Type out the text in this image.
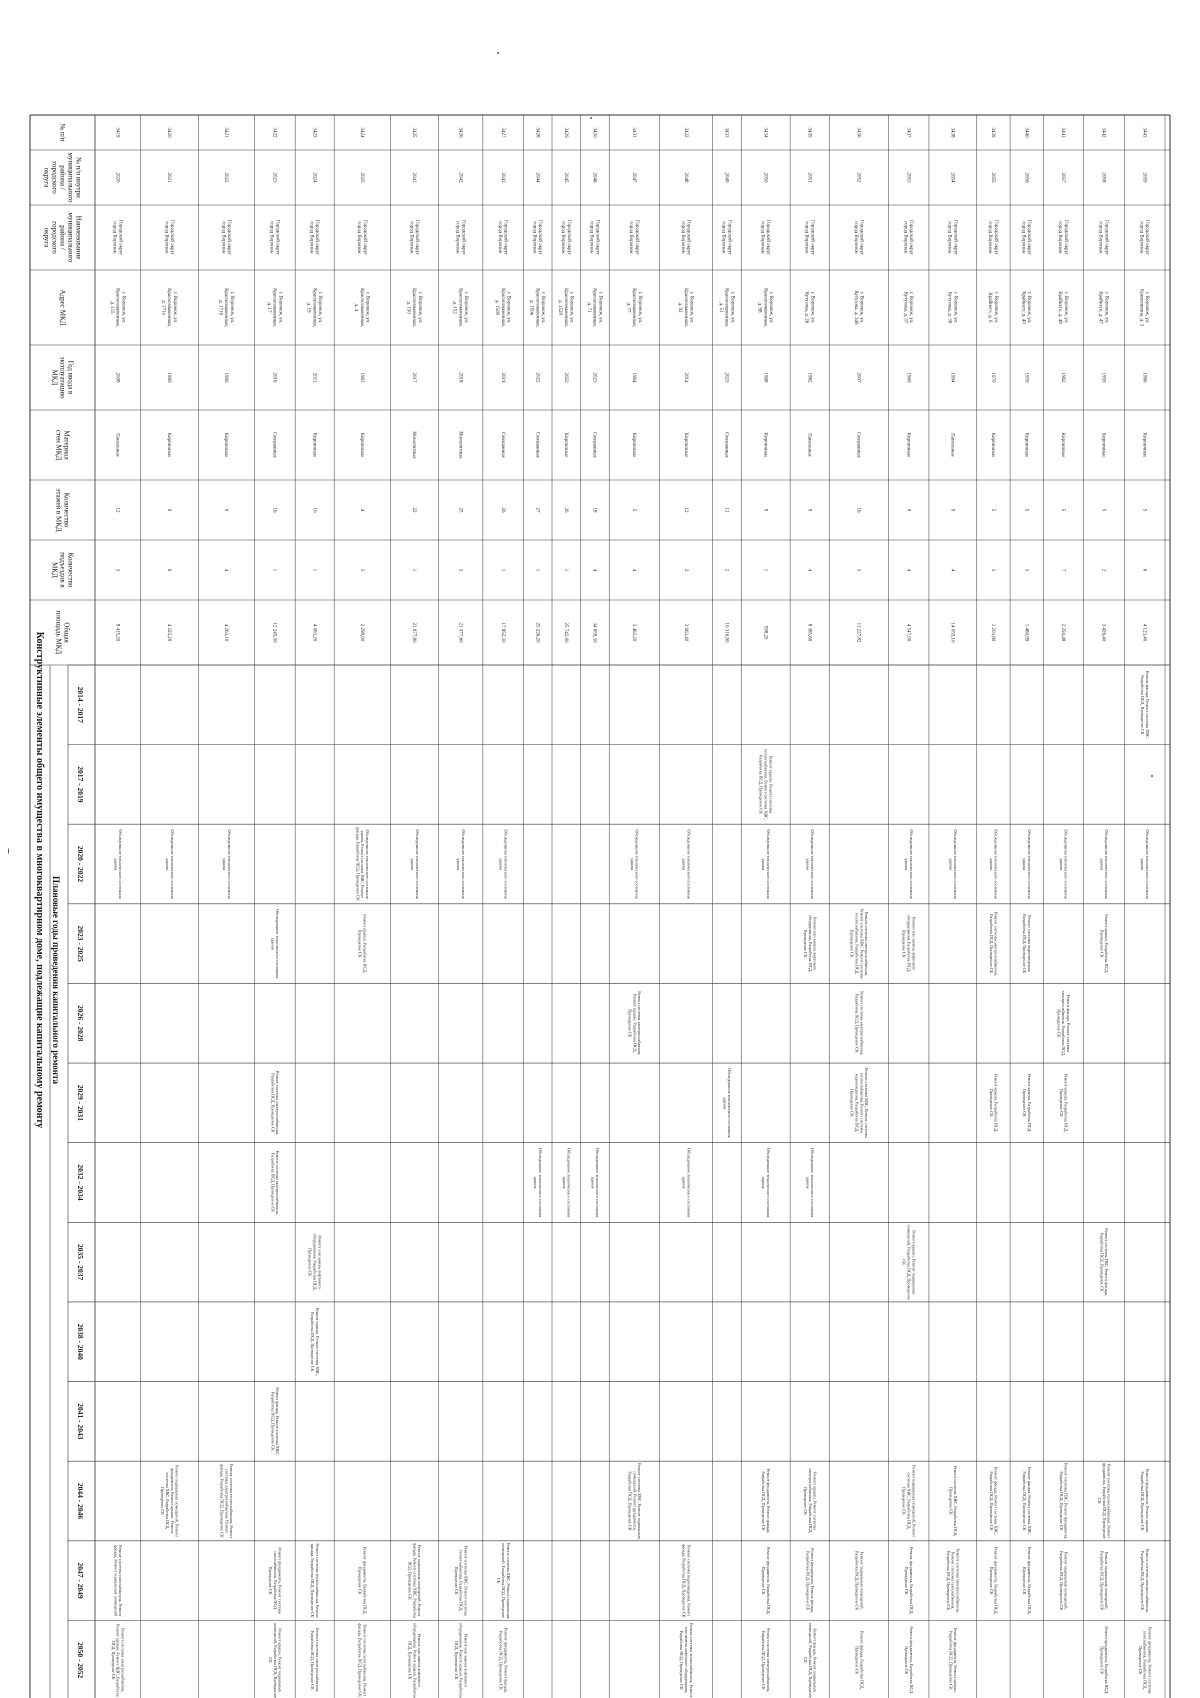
Конструктивные элементы общего имущества в многоквартирном доме, подлежащие капитальному ремонту Плановые годы проведения капитального ремонта
№ п/п
№ п/п внутримуниципальногорайона /городскогоокруга
Наименованиемуниципальногорайона /городскогоокруга
Адрес МКД
Год ввода вэксплуатациюМКД
Материалстен МКД
Количествоэтажей в МКД
Количествоподъездов вМКД
Общаяплощадь МКД
2014 - 2017
2017 - 2019
2020 - 2022
2023 - 2025
2026 - 2028
2029 - 2031
2032 - 2034
2035 - 2037
2038 - 2040
2041 - 2043
2044 - 2046
2047 - 2049
2050 - 2052
3419
2020
Городской округгород Воронеж
г. Воронеж, ул.Краснознаменная,д. 115
2008
Панельные
12
3
8 415,20
Обследование технического состоянияздания
Ремонт системы газоснабжения, Ремонтфасада, Ремонт подвальных помещений
Ремонт системы электроснабжения,Ремонт крыши, Ремонт ВДС, РазработкаПСД, Проведение СК
3420
2021
Городской округгород Воронеж
г. Воронеж, ул.Краснознаменная,д. 171а
1969
Кирпичные
9
6
4 225,20
Обследование технического состоянияздания
Ремонт подвальных помещений, Ремонтфундамента, Ремонт крыши, Ремонтсистемы ХВС, Разработка ПСД,Проведение СК
3421
2022
Городской округгород Воронеж
г. Воронеж, ул.Краснознаменная,д. 171б
1969
Кирпичные
9
4
4 263,10
Обследование технического состоянияздания
Ремонт системы теплоснабжения, Ремонтсистемы электроснабжения, Ремонтфасада, Разработка ПСД, Проведение СК
3422
2023
Городской округгород Воронеж
г. Воронеж, ул.Краснознаменная,д. 17
2016
Смешанные
16
1
12 245,30
Обследование технического состоянияздания
Ремонт системы электроснабжения,Разработка ПСД, Проведение СК
Ремонт системы электроснабжения,Разработка ПСД, Проведение СК
Ремонт фасада, Ремонт системы ХВС,Разработка ПСД, Проведение СК
Ремонт фундамента, Ремонт системыгазоснабжения, Разработка ПСД,Проведение СК
Ремонт крыши, Ремонт подвальныхпомещений, Разработка ПСД, ПроведениеСК
3423
2024
Городской округгород Воронеж
г. Воронеж, ул.Краснознаменная,д. 19
2011
Кирпичные
10
1
4 063,20
Ремонт или замена лифтовогооборудования, Разработка ПСД,Проведение СК
Ремонт крыши, Ремонт системы ХВС,Разработка ПСД, Проведение СК
Ремонт системы теплоснабжения, Ремонтфасада, Разработка ПСД, Проведение СК
Ремонт системы электроснабжения,Разработка ПСД, Проведение СК
3424
2025
Городской округгород Воронеж
г. Воронеж, ул.Краснознаменная,д. 4
1961
Кирпичные
4
3
2 298,90
Обследование технического состоянияздания, Ремонт системы ХВС, Ремонтфасада, Разработка ПСД, Проведение СК
Ремонт крыши, Разработка ПСД,Проведение СК
Ремонт фундамента, Разработка ПСД,Проведение СК
Ремонт системы газоснабжения, Ремонтфасада, Разработка ПСД, Проведение СК
3425
2041
Городской округгород Воронеж
г. Воронеж, ул.Краснознаменная,д. 150
2017
Монолитные
22
1
21 977,80
Обследование технического состоянияздания
Ремонт подвальных помещений, Ремонтфасада, Ремонт системы ХВС, РазработкаПСД, Проведение СК
Ремонт или замена лифтовогооборудования, Ремонт крыши, РазработкаПСД, Проведение СК
3426
2042
Городской округгород Воронеж
г. Воронеж, ул.Краснознаменная,д. 152
2018
Монолитные
25
3
21 077,60
Обследование технического состоянияздания
Ремонт системы ХВС, Ремонт системытеплоснабжения, Разработка ПСД,Проведение СК
Ремонт или замена лифтовогооборудования, Ремонт крыши, РазработкаПСД, Проведение СК
3427
2043
Городской округгород Воронеж
г. Воронеж, ул.Краснознаменная,д. 150б
2019
Смешанные
26
1
17 852,30
Обследование технического состоянияздания
Ремонт системы ХВС, Ремонт подвальныхпомещений, Разработка ПСД, ПроведениеСК
Ремонт фундамента, Ремонт фасада,Разработка ПСД, Проведение СК
3428
2044
Городской округгород Воронеж
г. Воронеж, ул.Краснознаменная,д. 150в
2022
Смешанные
27
1
25 226,20
Обследование технического состоянияздания
3429
2045
Городской округгород Воронеж
г. Воронеж, ул.Краснознаменная,д. 152б
2022
Кирпичные
26
1
25 742,00
Обследование технического состоянияздания
3430
2046
Городской округгород Воронеж
г. Воронеж, ул.Краснознаменная,д. 71
2023
Смешанные
18
4
34 659,30
Обследование технического состоянияздания
3431
2047
Городской округгород Воронеж
г. Воронеж, ул.Краснознаменная,д. 77
1964
Кирпичные
5
4
3 462,20
Обследование технического состоянияздания
Ремонт системы электроснабжения,Ремонт крыши, Разработка ПСД,Проведение СК
Ремонт системы ХВС, Ремонт подвальныхпомещений, Ремонт фундамента,Разработка ПСД, Проведение СК
3432
2048
Городской округгород Воронеж
г. Воронеж, ул.Краснознаменная,д. 92
2014
Кирпичные
12
2
3 963,40
Обследование технического состоянияздания
Обследование технического состоянияздания
Ремонт системы водоотведения, Ремонтфасада, Разработка ПСД, Проведение СК
Ремонт системы теплоснабжения, Ремонтили замена лифтового оборудования,Разработка ПСД, Проведение СК
3433
2049
Городской округгород Воронеж
г. Воронеж, ул.Краснознаменная,д. 51
2023
Смешанные
12
2
10 316,90
Обследование технического состоянияздания
3434
2050
Городской округгород Воронеж
г. Воронеж, ул.Краснознаменная,д. 98
1968
Кирпичные
9
1
598,20
Ремонт крыши, Ремонт системытеплоснабжения, Ремонт системы ХВС,Разработка ПСД, Проведение СК
Обследование технического состоянияздания
Обследование технического состоянияздания
Ремонт фундамента, Ремонт фасада,Разработка ПСД, Проведение СК
Ремонт фундамента, Разработка ПСД,Проведение СК
Ремонт системы электроснабжения,Разработка ПСД, Проведение СК
3435
2051
Городской округгород Воронеж
г. Воронеж, ул.Кутузова, д. 26
1982
Панельные
9
4
8 385,60
Обследование технического состоянияздания
Ремонт или замена лифтовогооборудования, Разработка ПСД,Проведение СК
Обследование технического состоянияздания
Ремонт крыши, Ремонт системыэлектроснабжения, Разработка ПСД,Проведение СК
Ремонт фундамента, Ремонт фасада,Разработка ПСД, Проведение СК
Ремонт фасада, Ремонт подвальныхпомещений, Разработка ПСД, ПроведениеСК
3436
2052
Городской округгород Воронеж
г. Воронеж, ул.Кутузова, д. 34б
2007
Смешанные
16
3
11 227,82
Ремонт системы электроснабжения,Ремонт системы ХВС, Ремонт системытеплоснабжения, Разработка ПСД,Проведение СК
Ремонт системы электроснабжения,Разработка ПСД, Проведение СК
Ремонт системы ХВС, Ремонт системытеплоснабжения, Ремонт системыводоотведения, Разработка ПСД,Проведение СК
Ремонт подвальных помещений,Разработка ПСД, Проведение СК
Ремонт фасада, Разработка ПСД,Проведение СК
3437
2053
Городской округгород Воронеж
г. Воронеж, ул.Кутузова, д. 37
1969
Кирпичные
9
4
4 547,00
Обследование технического состоянияздания
Ремонт или замена лифтовогооборудования, Разработка ПСД,Проведение СК
Ремонт крыши, Ремонт подвальныхпомещений, Разработка ПСД, ПроведениеСК
Ремонт подвальных помещений, Ремонтсистемы ХВС, Разработка ПСД,Проведение СК
Ремонт фундамента, Разработка ПСД,Проведение СК
Ремонт фундамента, Разработка ПСД,Проведение СК
3438
2054
Городской округгород Воронеж
г. Воронеж, ул.Кутузова, д. 39
1994
Панельные
9
4
14 055,10
Обследование технического состоянияздания
Ремонт системы ХВС, Разработка ПСД,Проведение СК
Ремонт системы электроснабжения,Ремонт системы газоснабжения,Разработка ПСД, Проведение СК
Ремонт фундамента, Ремонт крыши,Разработка ПСД, Проведение СК
3439
2055
Городской округгород Воронеж
г. Воронеж, ул.Крайнего, д. 6
1970
Кирпичные
5
3
1 203,80
Обследование технического состоянияздания
Ремонт системы электроснабжения,Разработка ПСД, Проведение СК
Ремонт крыши, Разработка ПСД,Проведение СК
Ремонт фасада, Ремонт системы ХВС,Разработка ПСД, Проведение СК
Ремонт фундамента, Разработка ПСД,Проведение СК
3440
2056
Городской округгород Воронеж
г. Воронеж, ул.Крайнего, д. 40
1959
Кирпичные
5
3
1 480,99
Обследование технического состоянияздания
Ремонт системы водоотведения,Разработка ПСД, Проведение СК
Ремонт крыши, Разработка ПСД,Проведение СК
Ремонт фасада, Ремонт системы ХВС,Разработка ПСД, Проведение СК
Ремонт фундамента, Разработка ПСД,Проведение СК
3441
2057
Городской округгород Воронеж
г. Воронеж, ул.Крайнего, д. 48
1962
Кирпичные
5
7
2 250,48
Обследование технического состоянияздания
Ремонт фасада, Ремонт системыэлектроснабжения, Разработка ПСД,Проведение СК
Ремонт крыши, Разработка ПСД,Проведение СК
Ремонт системы ГВС, Ремонт фундамента,Разработка ПСД, Проведение СК
Ремонт подвальных помещений,Разработка ПСД, Проведение СК
3442
2058
Городской округгород Воронеж
г. Воронеж, ул.Крайнего, д. 47
1959
Кирпичные
5
2
3 426,40
Обследование технического состоянияздания
Ремонт крыши, Разработка ПСД,Проведение СК
Ремонт системы ГВС, Ремонт фасада,Разработка ПСД, Проведение СК
Ремонт системы теплоснабжения, Ремонтфундамента, Разработка ПСД, ПроведениеСК
Ремонт подвальных помещений,Разработка ПСД, Проведение СК
Ремонт фундамента, Разработка ПСД,Проведение СК
3443
2059
Городской округгород Воронеж
г. Воронеж, ул.Кривошеина, д. 3
1966
Кирпичные
5
6
4 123,40
Ремонт фасада, Ремонт системы ХВС,Разработка ПСД, Проведение СК
Обследование технического состоянияздания
Ремонт фундамента, Ремонт крыши,Разработка ПСД, Проведение СК
Ремонт системы электроснабжения,Разработка ПСД, Проведение СК
Ремонт фундамента, Ремонт системыгазоснабжения, Разработка ПСД,Проведение СК
